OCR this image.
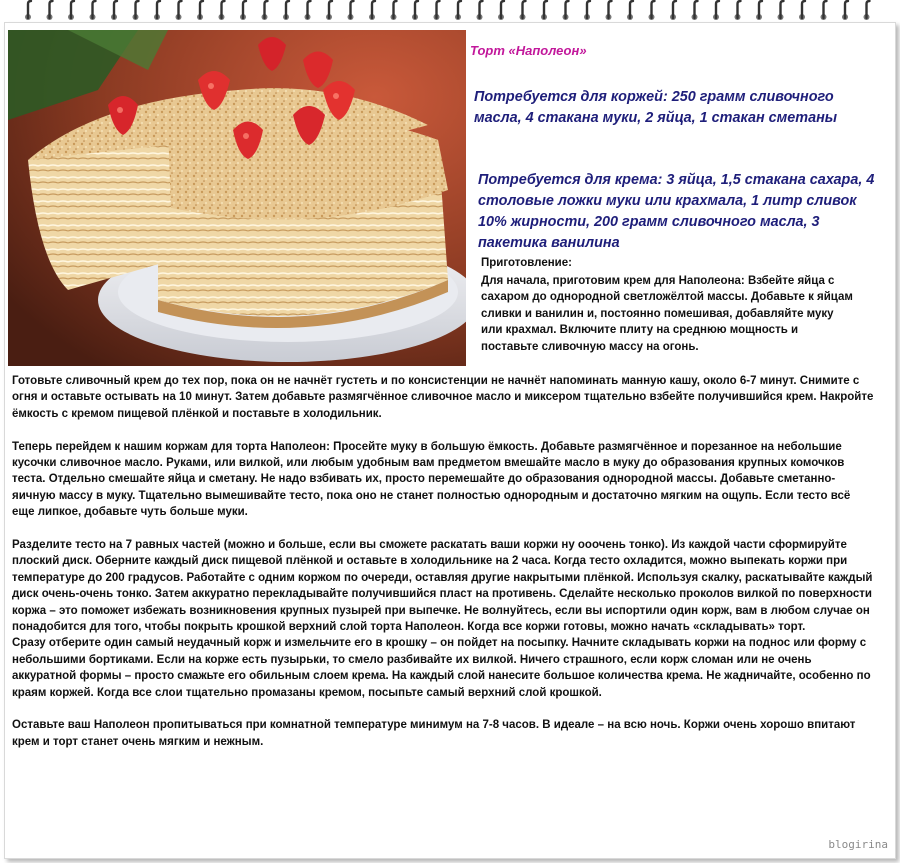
Торт «Наполеон»

Потребуется для коржей: 250 грамм сливочного масла, 4 стакана муки, 2 яйца, 1 стакан сметаны

Потребуется для крема: 3 яйца, 1,5 стакана сахара, 4 столовые ложки муки или крахмала, 1 литр сливок 10% жирности, 200 грамм сливочного масла, 3 пакетика ванилина

Приготовление:

Для начала, приготовим крем для Наполеона: Взбейте яйца с сахаром до однородной светложёлтой массы. Добавьте к яйцам сливки и ванилин и, постоянно помешивая, добавляйте муку или крахмал. Включите плиту на среднюю мощность и поставьте сливочную массу на огонь.

Готовьте сливочный крем до тех пор, пока он не начнёт густеть и по консистенции не начнёт напоминать манную кашу, около 6-7 минут. Снимите с огня и оставьте остывать на 10 минут. Затем добавьте размягчённое сливочное масло и миксером тщательно взбейте получившийся крем. Накройте ёмкость с кремом пищевой плёнкой и поставьте в холодильник.

Теперь перейдем к нашим коржам для торта Наполеон: Просейте муку в большую ёмкость. Добавьте размягчённое и порезанное на небольшие кусочки сливочное масло. Руками, или вилкой, или любым удобным вам предметом вмешайте масло в муку до образования крупных комочков теста. Отдельно смешайте яйца и сметану. Не надо взбивать их, просто перемешайте до образования однородной массы. Добавьте сметанно-яичную массу в муку. Тщательно вымешивайте тесто, пока оно не станет полностью однородным и достаточно мягким на ощупь. Если тесто всё еще липкое, добавьте чуть больше муки.

Разделите тесто на 7 равных частей (можно и больше, если вы сможете раскатать ваши коржи ну ооочень тонко). Из каждой части сформируйте плоский диск. Оберните каждый диск пищевой плёнкой и оставьте в холодильнике на 2 часа. Когда тесто охладится, можно выпекать коржи при температуре до 200 градусов. Работайте с одним коржом по очереди, оставляя другие накрытыми плёнкой. Используя скалку, раскатывайте каждый диск очень-очень тонко. Затем аккуратно перекладывайте получившийся пласт на противень. Сделайте несколько проколов вилкой по поверхности коржа – это поможет избежать возникновения крупных пузырей при выпечке. Не волнуйтесь, если вы испортили один корж, вам в любом случае он понадобится для того, чтобы покрыть крошкой верхний слой торта Наполеон. Когда все коржи готовы, можно начать «складывать» торт.

Сразу отберите один самый неудачный корж и измельчите его в крошку – он пойдет на посыпку. Начните складывать коржи на поднос или форму с небольшими бортиками. Если на корже есть пузырьки, то смело разбивайте их вилкой. Ничего страшного, если корж сломан или не очень аккуратной формы – просто смажьте его обильным слоем крема. На каждый слой нанесите большое количества крема. Не жадничайте, особенно по краям коржей. Когда все слои тщательно промазаны кремом, посыпьте самый верхний слой крошкой.

Оставьте ваш Наполеон пропитываться при комнатной температуре минимум на 7-8 часов. В идеале – на всю ночь. Коржи очень хорошо впитают крем и торт станет очень мягким и нежным.

blogirina
